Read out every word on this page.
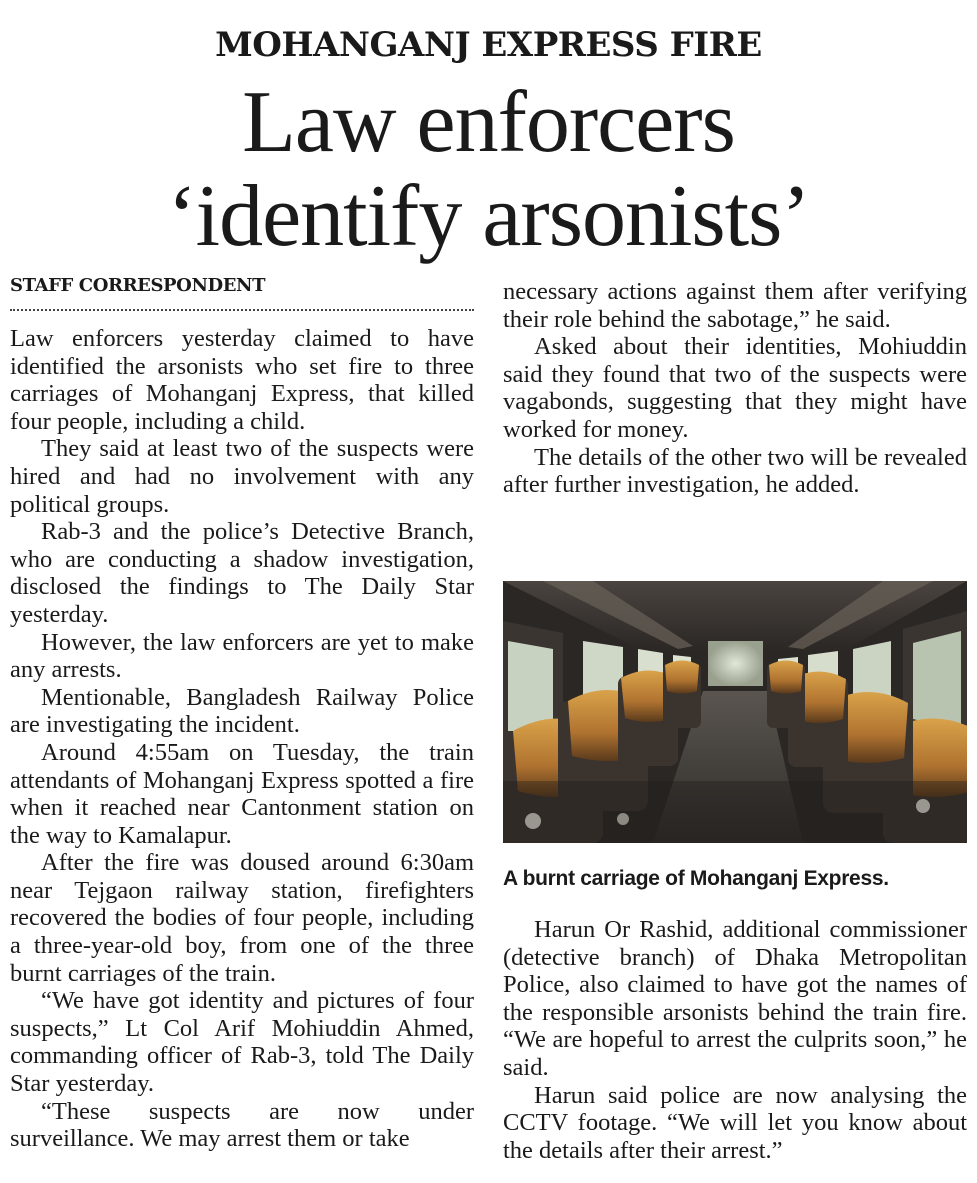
MOHANGANJ EXPRESS FIRE
Law enforcers
‘identify arsonists’
STAFF CORRESPONDENT

Law enforcers yesterday claimed to have identified the arsonists who set fire to three carriages of Mohanganj Express, that killed four people, including a child.

They said at least two of the suspects were hired and had no involvement with any political groups.

Rab-3 and the police’s Detective Branch, who are conducting a shadow investigation, disclosed the findings to The Daily Star yesterday.

However, the law enforcers are yet to make any arrests.

Mentionable, Bangladesh Railway Police are investigating the incident.

Around 4:55am on Tuesday, the train attendants of Mohanganj Express spotted a fire when it reached near Cantonment station on the way to Kamalapur.

After the fire was doused around 6:30am near Tejgaon railway station, firefighters recovered the bodies of four people, including a three-year-old boy, from one of the three burnt carriages of the train.

“We have got identity and pictures of four suspects,” Lt Col Arif Mohiuddin Ahmed, commanding officer of Rab-3, told The Daily Star yesterday.

“These suspects are now under surveillance. We may arrest them or take

necessary actions against them after verifying their role behind the sabotage,” he said.

Asked about their identities, Mohiuddin said they found that two of the suspects were vagabonds, suggesting that they might have worked for money.

The details of the other two will be revealed after further investigation, he added.

A burnt carriage of Mohanganj Express.

Harun Or Rashid, additional commissioner (detective branch) of Dhaka Metropolitan Police, also claimed to have got the names of the responsible arsonists behind the train fire. “We are hopeful to arrest the culprits soon,” he said.

Harun said police are now analysing the CCTV footage. “We will let you know about the details after their arrest.”
